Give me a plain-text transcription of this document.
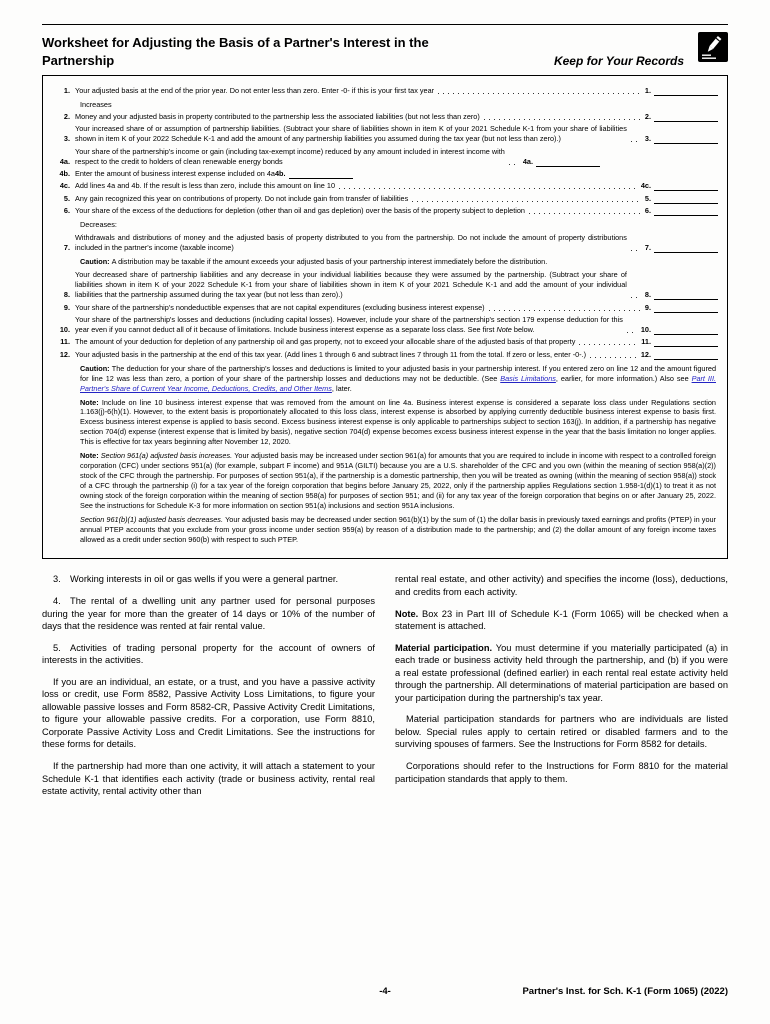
Worksheet for Adjusting the Basis of a Partner's Interest in the Partnership	Keep for Your Records
1. Your adjusted basis at the end of the prior year. Do not enter less than zero. Enter -0- if this is your first tax year	1.
Increases
2. Money and your adjusted basis in property contributed to the partnership less the associated liabilities (but not less than zero)	2.
3.
Your increased share of or assumption of partnership liabilities. (Subtract your share of liabilities shown in item K of your 2021 Schedule K-1 from your share of liabilities shown in item K of your 2022 Schedule K-1 and add the amount of any partnership liabilities you assumed during the tax year (but not less than zero).)	3.
4a.
Your share of the partnership's income or gain (including tax-exempt income) reduced by any amount included in interest income with respect to the credit to holders of clean renewable energy bonds	4a.
4b. Enter the amount of business interest expense included on 4a 4b.
4c. Add lines 4a and 4b. If the result is less than zero, include this amount on line 10	4c.
5. Any gain recognized this year on contributions of property. Do not include gain from transfer of liabilities	5.
6. Your share of the excess of the deductions for depletion (other than oil and gas depletion) over the basis of the property subject to depletion	6.
Decreases:
7.
Withdrawals and distributions of money and the adjusted basis of property distributed to you from the partnership. Do not include the amount of property distributions included in the partner's income (taxable income)	7.
Caution: A distribution may be taxable if the amount exceeds your adjusted basis of your partnership interest immediately before the distribution.
8.
Your decreased share of partnership liabilities and any decrease in your individual liabilities because they were assumed by the partnership. (Subtract your share of liabilities shown in item K of your 2022 Schedule K-1 from your share of liabilities shown in item K of your 2021 Schedule K-1 and add the amount of your individual liabilities that the partnership assumed during the tax year (but not less than zero).)	8.
9. Your share of the partnership's nondeductible expenses that are not capital expenditures (excluding business interest expense)	9.
10.
Your share of the partnership's losses and deductions (including capital losses). However, include your share of the partnership's section 179 expense deduction for this year even if you cannot deduct all of it because of limitations. Include business interest expense as a separate loss class. See first Note below.	10.
11. The amount of your deduction for depletion of any partnership oil and gas property, not to exceed your allocable share of the adjusted basis of that property	11.
12. Your adjusted basis in the partnership at the end of this tax year. (Add lines 1 through 6 and subtract lines 7 through 11 from the total. If zero or less, enter -0-.)	12.
Caution: The deduction for your share of the partnership's losses and deductions is limited to your adjusted basis in your partnership interest. If you entered zero on line 12 and the amount figured for line 12 was less than zero, a portion of your share of the partnership losses and deductions may not be deductible. (See Basis Limitations, earlier, for more information.) Also see Part III. Partner's Share of Current Year Income, Deductions, Credits, and Other Items, later.
Note: Include on line 10 business interest expense that was removed from the amount on line 4a. Business interest expense is considered a separate loss class under Regulations section 1.163(j)-6(h)(1). However, to the extent basis is proportionately allocated to this loss class, interest expense is absorbed by applying currently deductible business interest expense to basis first. Excess business interest expense is applied to basis second. Excess business interest expense is only applicable to partnerships subject to section 163(j). In addition, if a partnership has negative section 704(d) expense (interest expense that is limited by basis), negative section 704(d) expense becomes excess business interest expense in the year that the basis limitation no longer applies. This is effective for tax years beginning after November 12, 2020.
Note: Section 961(a) adjusted basis increases. Your adjusted basis may be increased under section 961(a) for amounts that you are required to include in income with respect to a controlled foreign corporation (CFC) under sections 951(a) (for example, subpart F income) and 951A (GILTI) because you are a U.S. shareholder of the CFC and you own (within the meaning of section 958(a)(2)) stock of the CFC through the partnership. For purposes of section 951(a), if the partnership is a domestic partnership, then you will be treated as owning (within the meaning of section 958(a)) stock of a CFC through the partnership (i) for a tax year of the foreign corporation that begins before January 25, 2022, only if the partnership applies Regulations section 1.958-1(d)(1) to treat it as not owning stock of the foreign corporation within the meaning of section 958(a) for purposes of section 951; and (ii) for any tax year of the foreign corporation that begins on or after January 25, 2022. See the instructions for Schedule K-3 for more information on section 951(a) inclusions and section 951A inclusions.
Section 961(b)(1) adjusted basis decreases. Your adjusted basis may be decreased under section 961(b)(1) by the sum of (1) the dollar basis in previously taxed earnings and profits (PTEP) in your annual PTEP accounts that you exclude from your gross income under section 959(a) by reason of a distribution made to the partnership; and (2) the dollar amount of any foreign income taxes allowed as a credit under section 960(b) with respect to such PTEP.
3. Working interests in oil or gas wells if you were a general partner.
4. The rental of a dwelling unit any partner used for personal purposes during the year for more than the greater of 14 days or 10% of the number of days that the residence was rented at fair rental value.
5. Activities of trading personal property for the account of owners of interests in the activities.
If you are an individual, an estate, or a trust, and you have a passive activity loss or credit, use Form 8582, Passive Activity Loss Limitations, to figure your allowable passive losses and Form 8582-CR, Passive Activity Credit Limitations, to figure your allowable passive credits. For a corporation, use Form 8810, Corporate Passive Activity Loss and Credit Limitations. See the instructions for these forms for details.
If the partnership had more than one activity, it will attach a statement to your Schedule K-1 that identifies each activity (trade or business activity, rental real estate activity, rental activity other than
rental real estate, and other activity) and specifies the income (loss), deductions, and credits from each activity.
Note. Box 23 in Part III of Schedule K-1 (Form 1065) will be checked when a statement is attached.
Material participation. You must determine if you materially participated (a) in each trade or business activity held through the partnership, and (b) if you were a real estate professional (defined earlier) in each rental real estate activity held through the partnership. All determinations of material participation are based on your participation during the partnership's tax year.
Material participation standards for partners who are individuals are listed below. Special rules apply to certain retired or disabled farmers and to the surviving spouses of farmers. See the Instructions for Form 8582 for details.
Corporations should refer to the Instructions for Form 8810 for the material participation standards that apply to them.
-4-	Partner's Inst. for Sch. K-1 (Form 1065) (2022)
